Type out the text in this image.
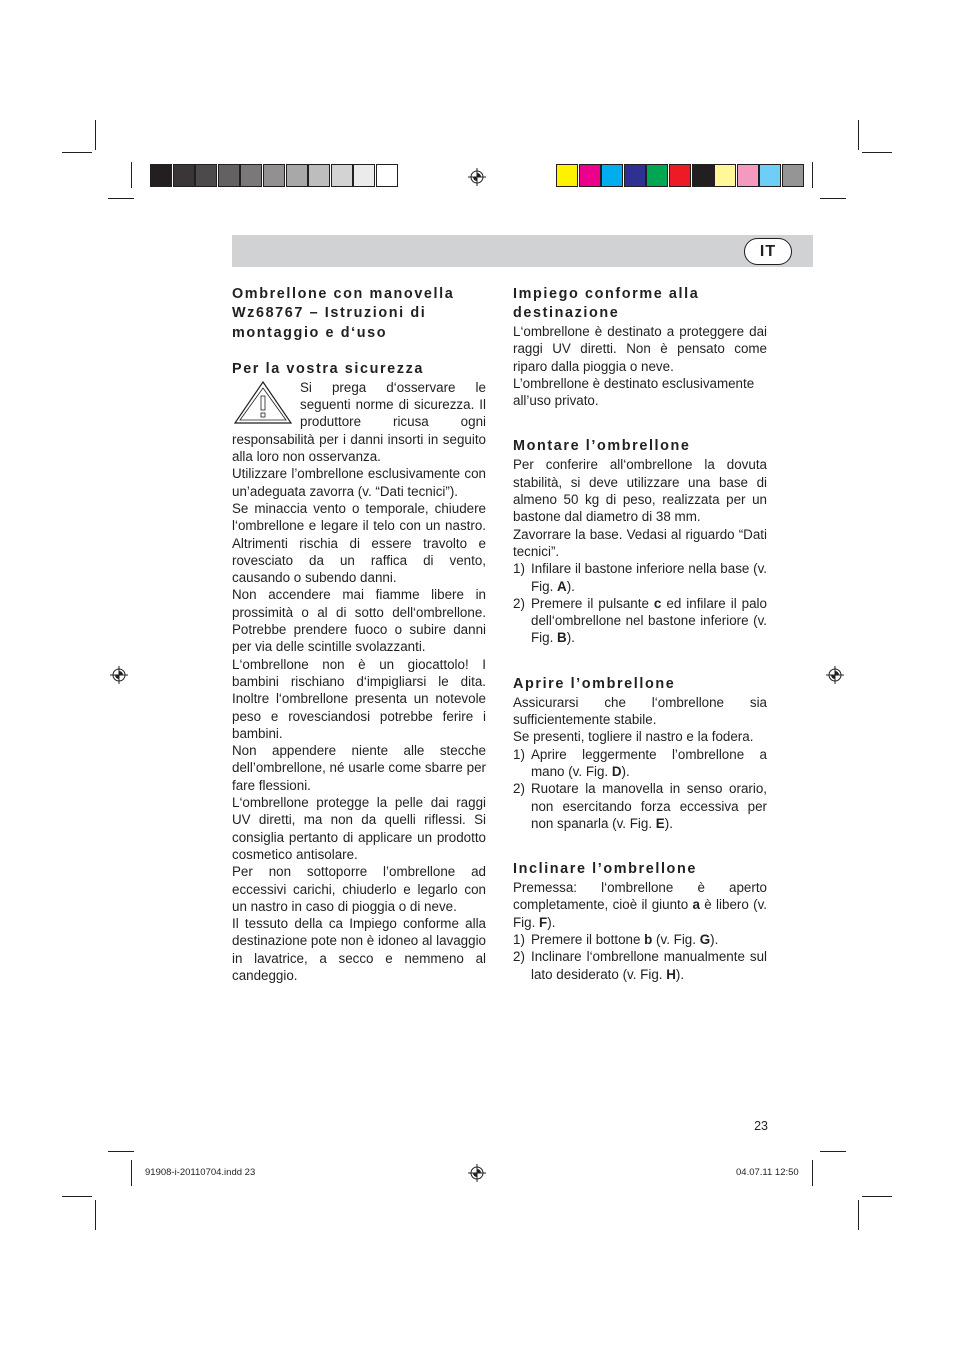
IT

Ombrellone con manovella Wz68767 – Istruzioni di montaggio e d‘uso

Per la vostra sicurezza

Si prega d‘osservare le seguenti norme di sicurezza. Il produttore ricusa ogni responsabilità per i danni insorti in seguito alla loro non osservanza.

Utilizzare l’ombrellone esclusivamente con un’adeguata zavorra (v. “Dati tecnici”).

Se minaccia vento o temporale, chiudere l‘ombrellone e legare il telo con un nastro. Altrimenti rischia di essere travolto e rovesciato da un raffica di vento, causando o subendo danni.

Non accendere mai fiamme libere in prossimità o al di sotto dell‘ombrellone. Potrebbe prendere fuoco o subire danni per via delle scintille svolazzanti.

L‘ombrellone non è un giocattolo! I bambini rischiano d‘impigliarsi le dita. Inoltre l‘ombrellone presenta un notevole peso e rovesciandosi potrebbe ferire i bambini.

Non appendere niente alle stecche dell’ombrellone, né usarle come sbarre per fare flessioni.

L‘ombrellone protegge la pelle dai raggi UV diretti, ma non da quelli riflessi. Si consiglia pertanto di applicare un prodotto cosmetico antisolare.

Per non sottoporre l’ombrellone ad eccessivi carichi, chiuderlo e legarlo con un nastro in caso di pioggia o di neve.

Il tessuto della ca Impiego conforme alla destinazione pote non è idoneo al lavaggio in lavatrice, a secco e nemmeno al candeggio.

Impiego conforme alla destinazione

L‘ombrellone è destinato a proteggere dai raggi UV diretti. Non è pensato come riparo dalla pioggia o neve.

L’ombrellone è destinato esclusivamente all’uso privato.

Montare l’ombrellone

Per conferire all‘ombrellone la dovuta stabilità, si deve utilizzare una base di almeno 50 kg di peso, realizzata per un bastone dal diametro di 38 mm.

Zavorrare la base. Vedasi al riguardo “Dati tecnici”.

1) Infilare il bastone inferiore nella base (v. Fig. A).
2) Premere il pulsante c ed infilare il palo dell‘ombrellone nel bastone inferiore (v. Fig. B).

Aprire l’ombrellone

Assicurarsi che l‘ombrellone sia sufficientemente stabile.

Se presenti, togliere il nastro e la fodera.

1) Aprire leggermente l’ombrellone a mano (v. Fig. D).
2) Ruotare la manovella in senso orario, non esercitando forza eccessiva per non spanarla (v. Fig. E).

Inclinare l’ombrellone

Premessa: l‘ombrellone è aperto completamente, cioè il giunto a è libero (v. Fig. F).

1) Premere il bottone b (v. Fig. G).
2) Inclinare l‘ombrellone manualmente sul lato desiderato (v. Fig. H).
23
91908-i-20110704.indd 23	04.07.11 12:50
